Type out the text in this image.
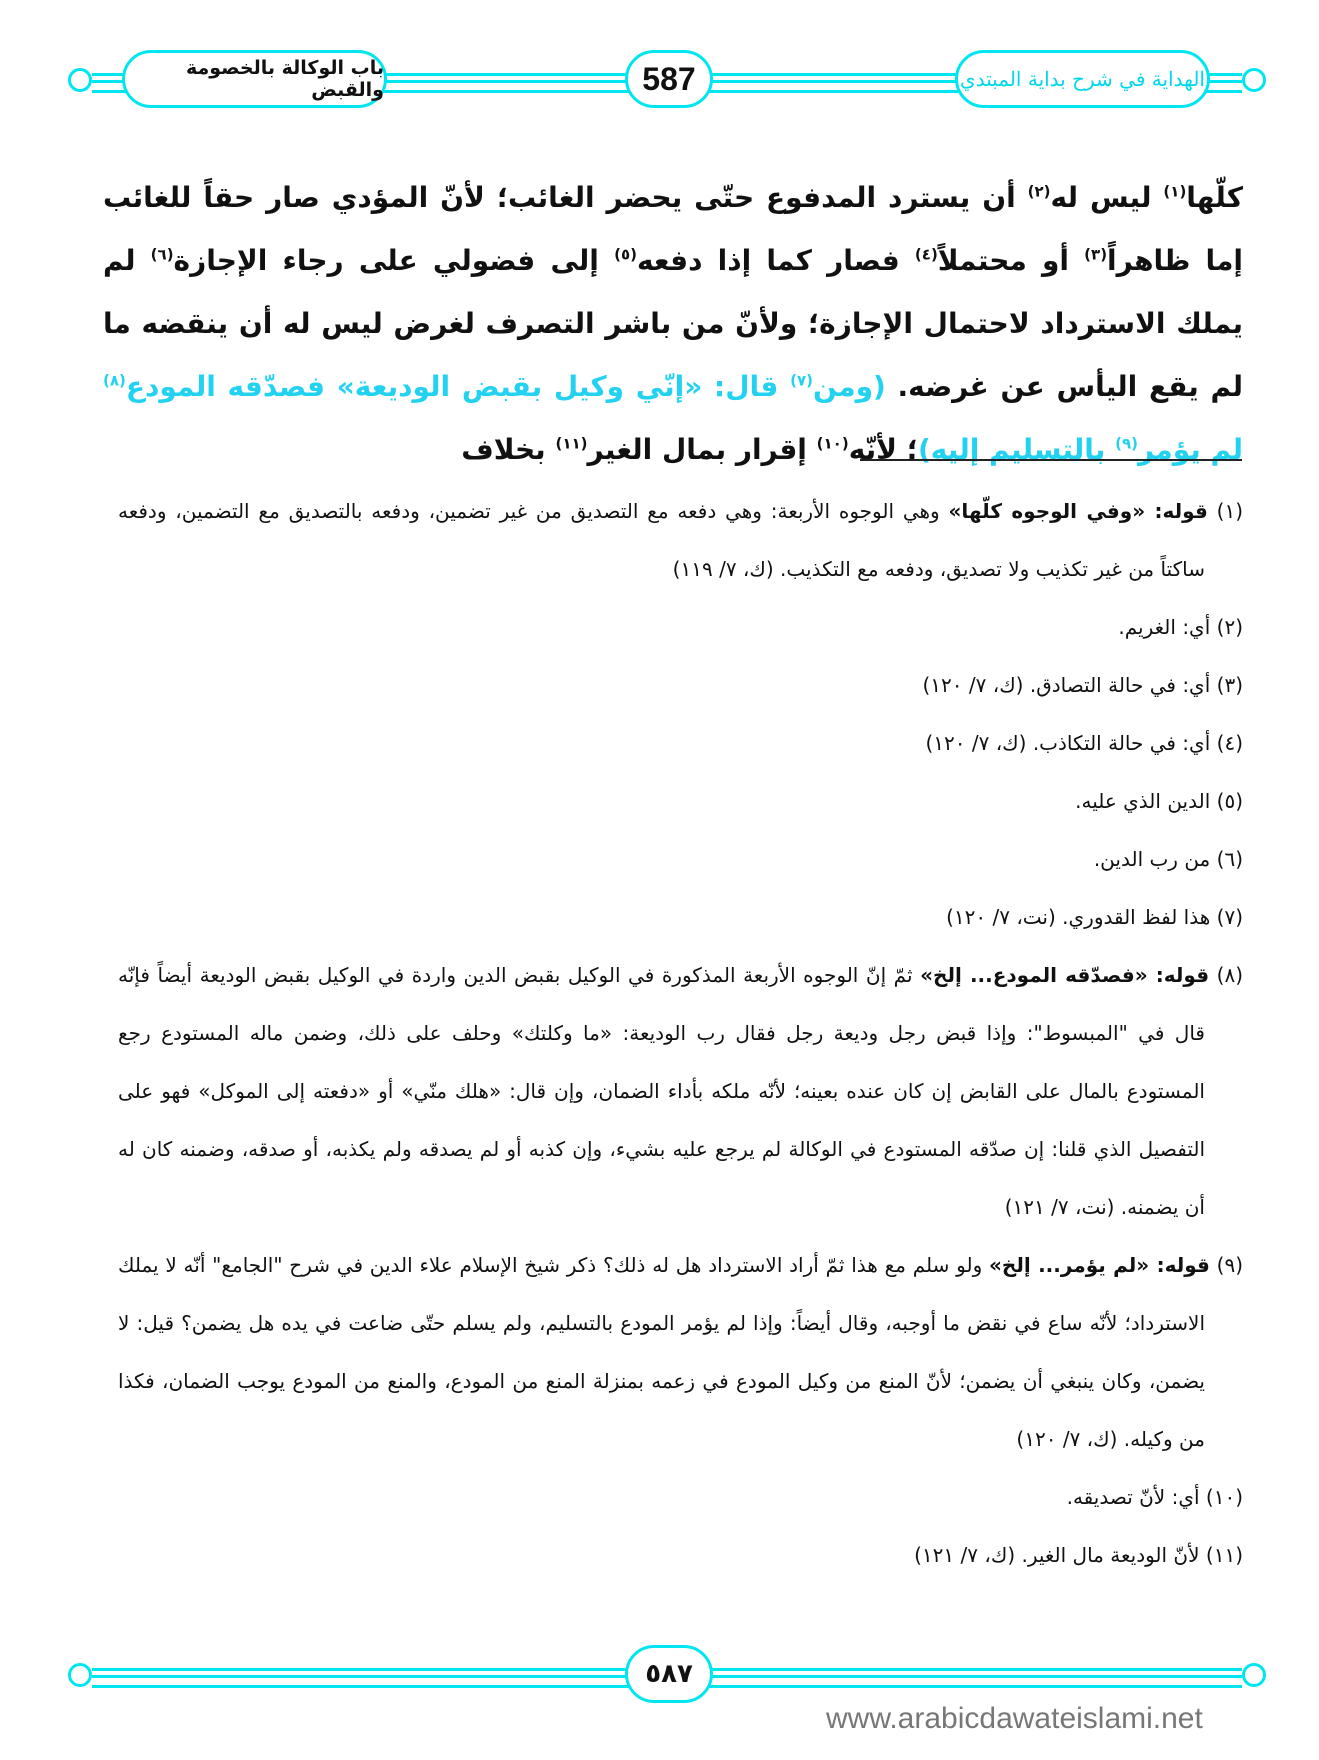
باب الوكالة بالخصومة والقبض	587	الهداية في شرح بداية المبتدي
كلّها$^{(١)}$ ليس له$^{(٢)}$ أن يسترد المدفوع حتّى يحضر الغائب؛ لأنّ المؤدي صار حقاً للغائب إما ظاهراً$^{(٣)}$ أو محتملاً$^{(٤)}$ فصار كما إذا دفعه$^{(٥)}$ إلى فضولي على رجاء الإجازة$^{(٦)}$ لم يملك الاسترداد لاحتمال الإجازة؛ ولأنّ من باشر التصرف لغرض ليس له أن ينقضه ما لم يقع اليأس عن غرضه. (ومن$^{(٧)}$ قال: «إنّي وكيل بقبض الوديعة» فصدّقه المودع$^{(٨)}$ لم يؤمر$^{(٩)}$ بالتسليم إليه)؛ لأنّه$^{(١٠)}$ إقرار بمال الغير$^{(١١)}$ بخلاف
(١) قوله: «وفي الوجوه كلّها» وهي الوجوه الأربعة: وهي دفعه مع التصديق من غير تضمين، ودفعه بالتصديق مع التضمين، ودفعه ساكتاً من غير تكذيب ولا تصديق، ودفعه مع التكذيب. (ك، ٧/ ١١٩)
(٢) أي: الغريم.
(٣) أي: في حالة التصادق. (ك، ٧/ ١٢٠)
(٤) أي: في حالة التكاذب. (ك، ٧/ ١٢٠)
(٥) الدين الذي عليه.
(٦) من رب الدين.
(٧) هذا لفظ القدوري. (نت، ٧/ ١٢٠)
(٨) قوله: «فصدّقه المودع... إلخ» ثمّ إنّ الوجوه الأربعة المذكورة في الوكيل بقبض الدين واردة في الوكيل بقبض الوديعة أيضاً فإنّه قال في "المبسوط": وإذا قبض رجل وديعة رجل فقال رب الوديعة: «ما وكلتك» وحلف على ذلك، وضمن ماله المستودع رجع المستودع بالمال على القابض إن كان عنده بعينه؛ لأنّه ملكه بأداء الضمان، وإن قال: «هلك منّي» أو «دفعته إلى الموكل» فهو على التفصيل الذي قلنا: إن صدّقه المستودع في الوكالة لم يرجع عليه بشيء، وإن كذبه أو لم يصدقه ولم يكذبه، أو صدقه، وضمنه كان له أن يضمنه. (نت، ٧/ ١٢١)
(٩) قوله: «لم يؤمر... إلخ» ولو سلم مع هذا ثمّ أراد الاسترداد هل له ذلك؟ ذكر شيخ الإسلام علاء الدين في شرح "الجامع" أنّه لا يملك الاسترداد؛ لأنّه ساع في نقض ما أوجبه، وقال أيضاً: وإذا لم يؤمر المودع بالتسليم، ولم يسلم حتّى ضاعت في يده هل يضمن؟ قيل: لا يضمن، وكان ينبغي أن يضمن؛ لأنّ المنع من وكيل المودع في زعمه بمنزلة المنع من المودع، والمنع من المودع يوجب الضمان، فكذا من وكيله. (ك، ٧/ ١٢٠)
(١٠) أي: لأنّ تصديقه.
(١١) لأنّ الوديعة مال الغير. (ك، ٧/ ١٢١)
٥٨٧
www.arabicdawateislami.net
